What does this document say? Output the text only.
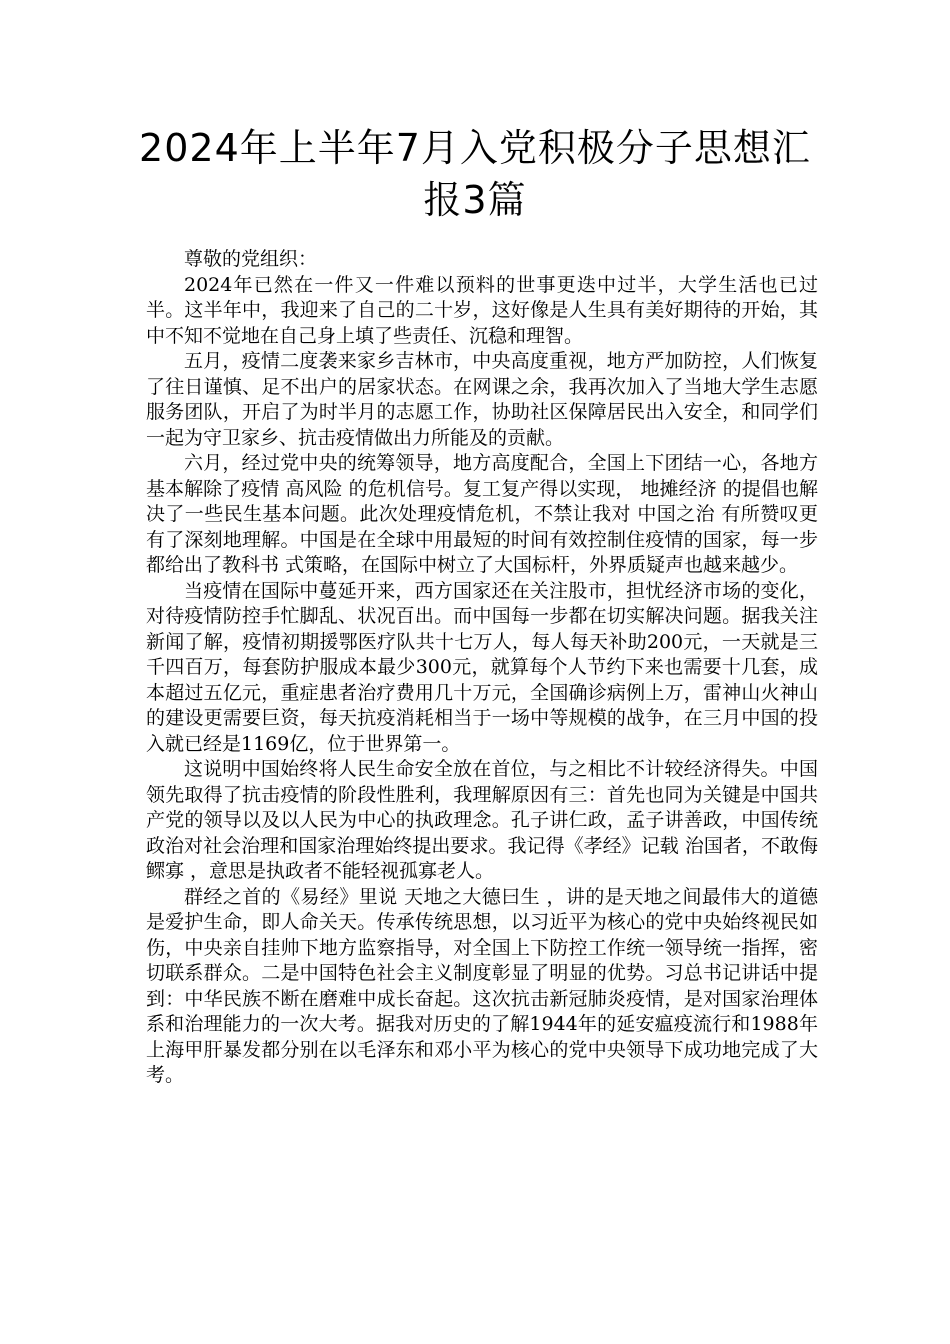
2024年上半年7月入党积极分子思想汇
报3篇

尊敬的党组织：

2024年已然在一件又一件难以预料的世事更迭中过半，大学生活也已过半。这半年中，我迎来了自己的二十岁，这好像是人生具有美好期待的开始，其中不知不觉地在自己身上填了些责任、沉稳和理智。

五月，疫情二度袭来家乡吉林市，中央高度重视，地方严加防控，人们恢复了往日谨慎、足不出户的居家状态。在网课之余，我再次加入了当地大学生志愿服务团队，开启了为时半月的志愿工作，协助社区保障居民出入安全，和同学们一起为守卫家乡、抗击疫情做出力所能及的贡献。

六月，经过党中央的统筹领导，地方高度配合，全国上下团结一心，各地方基本解除了疫情 高风险 的危机信号。复工复产得以实现， 地摊经济 的提倡也解决了一些民生基本问题。此次处理疫情危机，不禁让我对 中国之治 有所赞叹更有了深刻地理解。中国是在全球中用最短的时间有效控制住疫情的国家，每一步都给出了教科书 式策略，在国际中树立了大国标杆，外界质疑声也越来越少。

当疫情在国际中蔓延开来，西方国家还在关注股市，担忧经济市场的变化，对待疫情防控手忙脚乱、状况百出。而中国每一步都在切实解决问题。据我关注新闻了解，疫情初期援鄂医疗队共十七万人，每人每天补助200元，一天就是三千四百万，每套防护服成本最少300元，就算每个人节约下来也需要十几套，成本超过五亿元，重症患者治疗费用几十万元，全国确诊病例上万，雷神山火神山的建设更需要巨资，每天抗疫消耗相当于一场中等规模的战争，在三月中国的投入就已经是1169亿，位于世界第一。

这说明中国始终将人民生命安全放在首位，与之相比不计较经济得失。中国领先取得了抗击疫情的阶段性胜利，我理解原因有三：首先也同为关键是中国共产党的领导以及以人民为中心的执政理念。孔子讲仁政，孟子讲善政，中国传统政治对社会治理和国家治理始终提出要求。我记得《孝经》记载 治国者，不敢侮鳏寡 ，意思是执政者不能轻视孤寡老人。

群经之首的《易经》里说 天地之大德曰生 ，讲的是天地之间最伟大的道德是爱护生命，即人命关天。传承传统思想，以习近平为核心的党中央始终视民如伤，中央亲自挂帅下地方监察指导，对全国上下防控工作统一领导统一指挥，密切联系群众。二是中国特色社会主义制度彰显了明显的优势。习总书记讲话中提到：中华民族不断在磨难中成长奋起。这次抗击新冠肺炎疫情，是对国家治理体系和治理能力的一次大考。据我对历史的了解1944年的延安瘟疫流行和1988年上海甲肝暴发都分别在以毛泽东和邓小平为核心的党中央领导下成功地完成了大考。
